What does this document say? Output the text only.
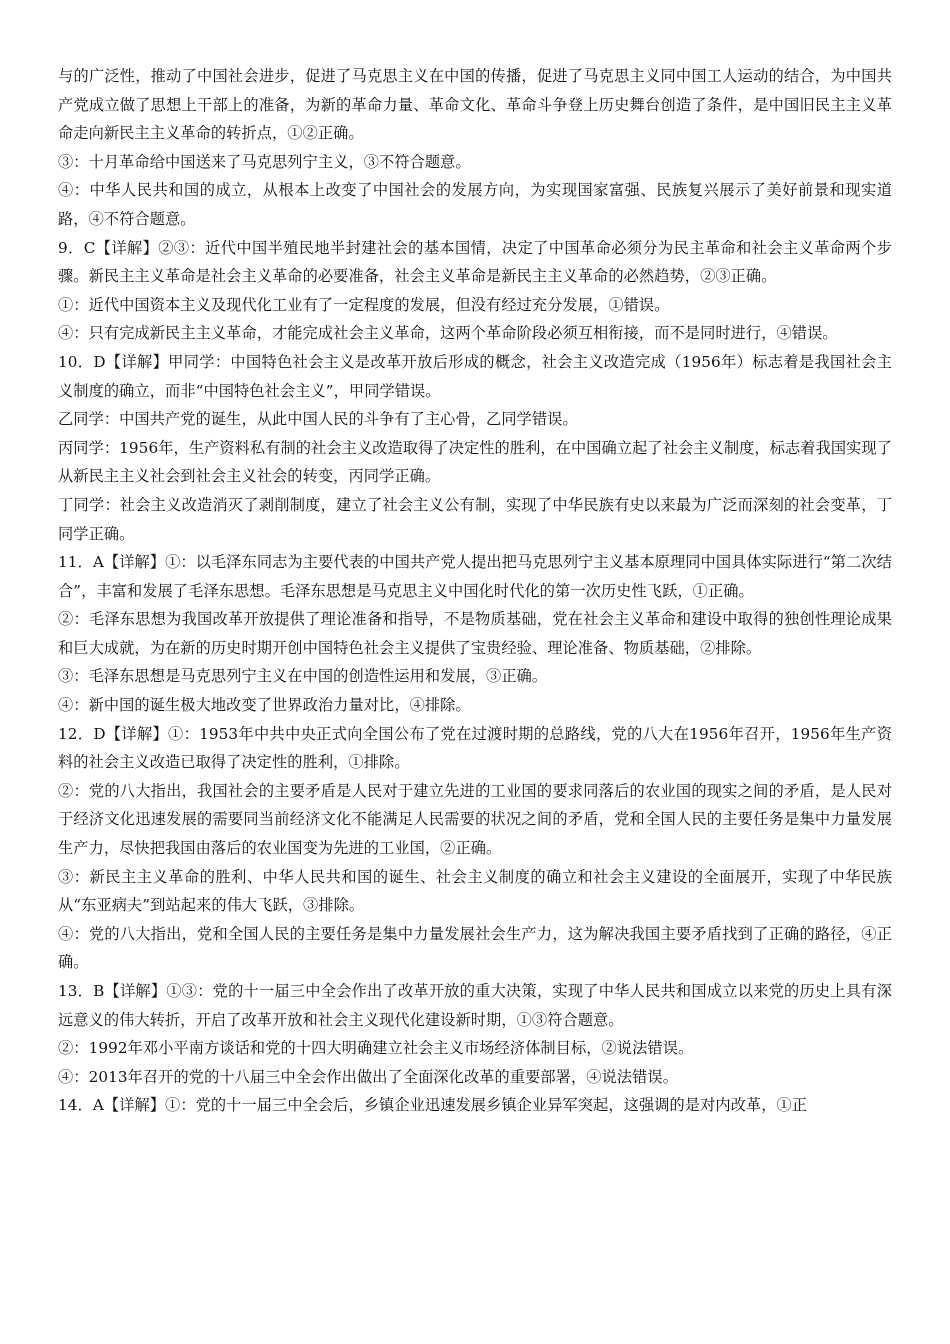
与的广泛性，推动了中国社会进步，促进了马克思主义在中国的传播，促进了马克思主义同中国工人运动的结合，为中国共产党成立做了思想上干部上的准备，为新的革命力量、革命文化、革命斗争登上历史舞台创造了条件，是中国旧民主主义革命走向新民主主义革命的转折点，①②正确。

③：十月革命给中国送来了马克思列宁主义，③不符合题意。

④：中华人民共和国的成立，从根本上改变了中国社会的发展方向，为实现国家富强、民族复兴展示了美好前景和现实道路，④不符合题意。

9．C【详解】②③：近代中国半殖民地半封建社会的基本国情，决定了中国革命必须分为民主革命和社会主义革命两个步骤。新民主主义革命是社会主义革命的必要准备，社会主义革命是新民主主义革命的必然趋势，②③正确。

①：近代中国资本主义及现代化工业有了一定程度的发展，但没有经过充分发展，①错误。

④：只有完成新民主主义革命，才能完成社会主义革命，这两个革命阶段必须互相衔接，而不是同时进行，④错误。

10．D【详解】甲同学：中国特色社会主义是改革开放后形成的概念，社会主义改造完成（1956年）标志着是我国社会主义制度的确立，而非“中国特色社会主义”，甲同学错误。

乙同学：中国共产党的诞生，从此中国人民的斗争有了主心骨，乙同学错误。

丙同学：1956年，生产资料私有制的社会主义改造取得了决定性的胜利，在中国确立起了社会主义制度，标志着我国实现了从新民主主义社会到社会主义社会的转变，丙同学正确。

丁同学：社会主义改造消灭了剥削制度，建立了社会主义公有制，实现了中华民族有史以来最为广泛而深刻的社会变革，丁同学正确。

11．A【详解】①：以毛泽东同志为主要代表的中国共产党人提出把马克思列宁主义基本原理同中国具体实际进行“第二次结合”，丰富和发展了毛泽东思想。毛泽东思想是马克思主义中国化时代化的第一次历史性飞跃，①正确。

②：毛泽东思想为我国改革开放提供了理论准备和指导，不是物质基础，党在社会主义革命和建设中取得的独创性理论成果和巨大成就，为在新的历史时期开创中国特色社会主义提供了宝贵经验、理论准备、物质基础，②排除。

③：毛泽东思想是马克思列宁主义在中国的创造性运用和发展，③正确。

④：新中国的诞生极大地改变了世界政治力量对比，④排除。

12．D【详解】①：1953年中共中央正式向全国公布了党在过渡时期的总路线，党的八大在1956年召开，1956年生产资料的社会主义改造已取得了决定性的胜利，①排除。

②：党的八大指出，我国社会的主要矛盾是人民对于建立先进的工业国的要求同落后的农业国的现实之间的矛盾，是人民对于经济文化迅速发展的需要同当前经济文化不能满足人民需要的状况之间的矛盾，党和全国人民的主要任务是集中力量发展生产力，尽快把我国由落后的农业国变为先进的工业国，②正确。

③：新民主主义革命的胜利、中华人民共和国的诞生、社会主义制度的确立和社会主义建设的全面展开，实现了中华民族从“东亚病夫”到站起来的伟大飞跃，③排除。

④：党的八大指出，党和全国人民的主要任务是集中力量发展社会生产力，这为解决我国主要矛盾找到了正确的路径，④正确。

13．B【详解】①③：党的十一届三中全会作出了改革开放的重大决策，实现了中华人民共和国成立以来党的历史上具有深远意义的伟大转折，开启了改革开放和社会主义现代化建设新时期，①③符合题意。

②：1992年邓小平南方谈话和党的十四大明确建立社会主义市场经济体制目标，②说法错误。

④：2013年召开的党的十八届三中全会作出做出了全面深化改革的重要部署，④说法错误。

14．A【详解】①：党的十一届三中全会后，乡镇企业迅速发展乡镇企业异军突起，这强调的是对内改革，①正
